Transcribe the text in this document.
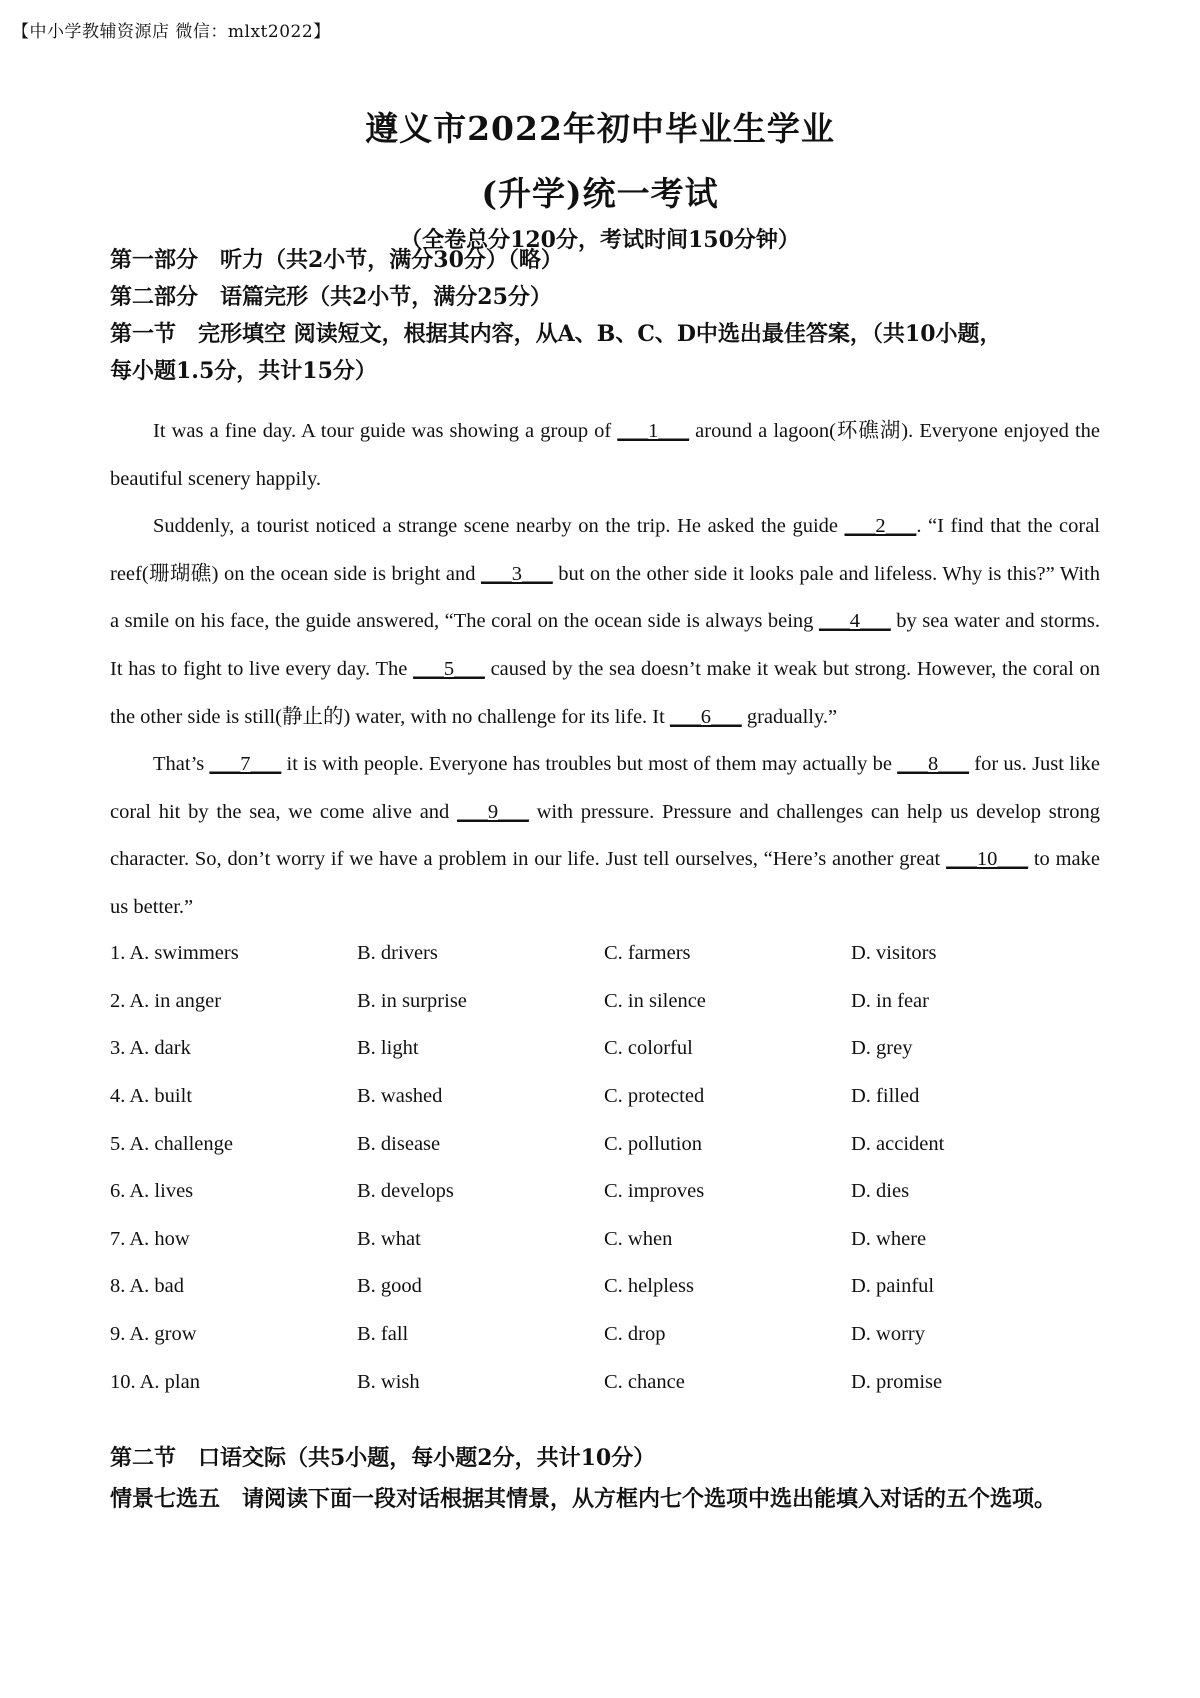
【中小学教辅资源店 微信：mlxt2022】
遵义市2022年初中毕业生学业
(升学)统一考试
（全卷总分120分，考试时间150分钟）
第一部分　听力（共2小节，满分30分）（略）
第二部分　语篇完形（共2小节，满分25分）
第一节　完形填空 阅读短文，根据其内容，从A、B、C、D中选出最佳答案，（共10小题，
每小题1.5分，共计15分）

It was a fine day. A tour guide was showing a group of ___1___ around a lagoon(环礁湖). Everyone enjoyed the beautiful scenery happily.

Suddenly, a tourist noticed a strange scene nearby on the trip. He asked the guide ___2___. “I find that the coral reef(珊瑚礁) on the ocean side is bright and ___3___ but on the other side it looks pale and lifeless. Why is this?” With a smile on his face, the guide answered, “The coral on the ocean side is always being ___4___ by sea water and storms. It has to fight to live every day. The ___5___ caused by the sea doesn’t make it weak but strong. However, the coral on the other side is still(静止的) water, with no challenge for its life. It ___6___ gradually.”

That’s ___7___ it is with people. Everyone has troubles but most of them may actually be ___8___ for us. Just like coral hit by the sea, we come alive and ___9___ with pressure. Pressure and challenges can help us develop strong character. So, don’t worry if we have a problem in our life. Just tell ourselves, “Here’s another great ___10___ to make us better.”

1. A. swimmers	B. drivers	C. farmers	D. visitors
2. A. in anger	B. in surprise	C. in silence	D. in fear
3. A. dark	B. light	C. colorful	D. grey
4. A. built	B. washed	C. protected	D. filled
5. A. challenge	B. disease	C. pollution	D. accident
6. A. lives	B. develops	C. improves	D. dies
7. A. how	B. what	C. when	D. where
8. A. bad	B. good	C. helpless	D. painful
9. A. grow	B. fall	C. drop	D. worry
10. A. plan	B. wish	C. chance	D. promise
第二节　口语交际（共5小题，每小题2分，共计10分）
情景七选五　请阅读下面一段对话根据其情景，从方框内七个选项中选出能填入对话的五个选项。
